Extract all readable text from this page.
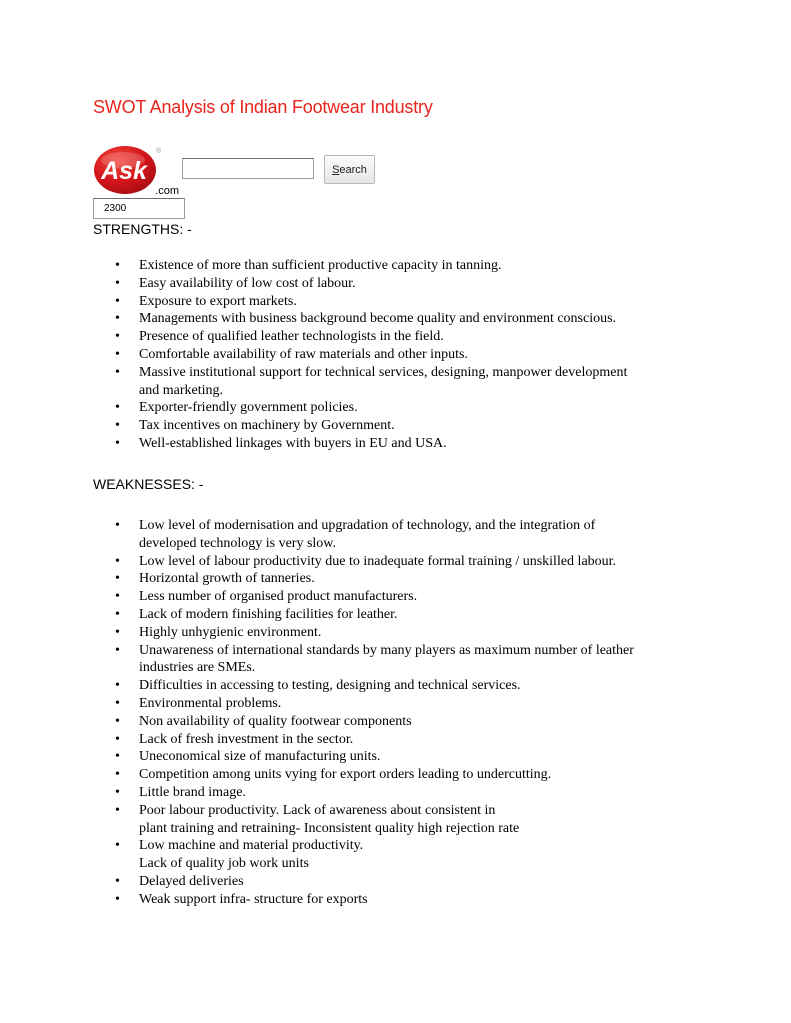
SWOT Analysis of Indian Footwear Industry
Ask
®
.com
Search
2300
STRENGTHS: -
• Existence of more than sufficient productive capacity in tanning.
• Easy availability of low cost of labour.
• Exposure to export markets.
• Managements with business background become quality and environment conscious.
• Presence of qualified leather technologists in the field.
• Comfortable availability of raw materials and other inputs.
• Massive institutional support for technical services, designing, manpower development
and marketing.
• Exporter-friendly government policies.
• Tax incentives on machinery by Government.
• Well-established linkages with buyers in EU and USA.
WEAKNESSES: -
• Low level of modernisation and upgradation of technology, and the integration of
developed technology is very slow.
• Low level of labour productivity due to inadequate formal training / unskilled labour.
• Horizontal growth of tanneries.
• Less number of organised product manufacturers.
• Lack of modern finishing facilities for leather.
• Highly unhygienic environment.
• Unawareness of international standards by many players as maximum number of leather
industries are SMEs.
• Difficulties in accessing to testing, designing and technical services.
• Environmental problems.
• Non availability of quality footwear components
• Lack of fresh investment in the sector.
• Uneconomical size of manufacturing units.
• Competition among units vying for export orders leading to undercutting.
• Little brand image.
• Poor labour productivity. Lack of awareness about consistent in
plant training and retraining- Inconsistent quality high rejection rate
• Low machine and material productivity.
Lack of quality job work units
• Delayed deliveries
• Weak support infra- structure for exports
